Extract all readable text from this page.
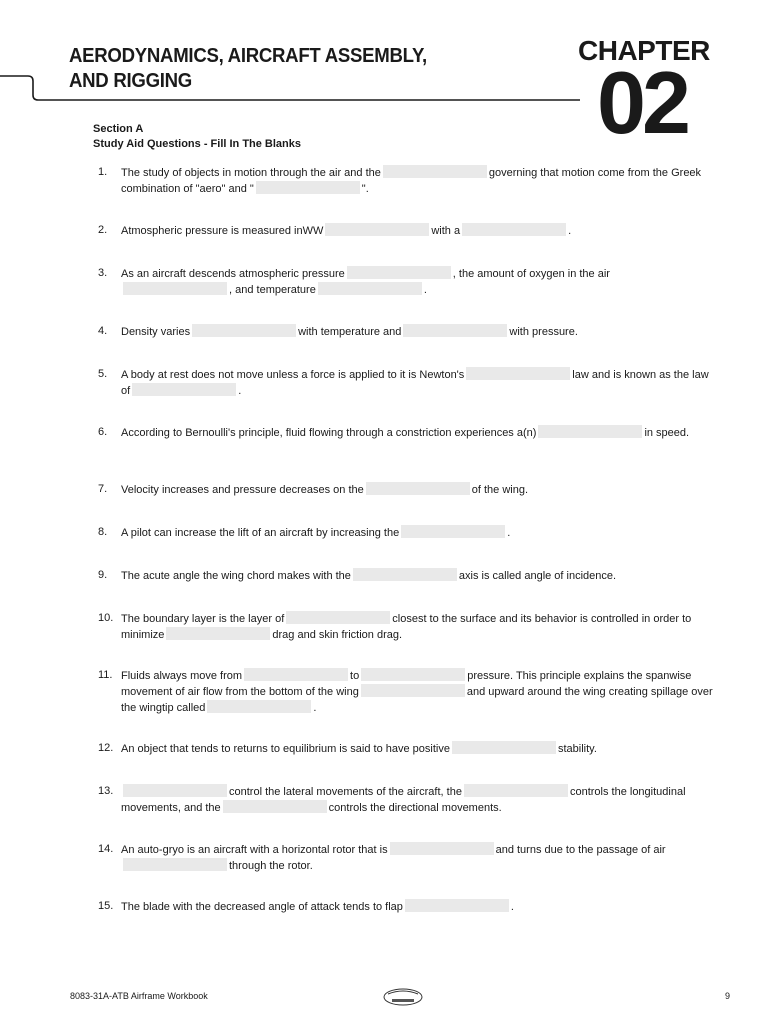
AERODYNAMICS, AIRCRAFT ASSEMBLY,
AND RIGGING
CHAPTER
02
Section A
Study Aid Questions - Fill In The Blanks
1. The study of objects in motion through the air and the	governing that motion come from the Greek combination of "aero" and "	".
2. Atmospheric pressure is measured inWW	with a	.
3. As an aircraft descends atmospheric pressure	, the amount of oxygen in the air, and temperature	.
4. Density varies	with temperature and	with pressure.
5. A body at rest does not move unless a force is applied to it is Newton's	law and is known as the law of	.
6. According to Bernoulli's principle, fluid flowing through a constriction experiences a(n)	in speed.
7. Velocity increases and pressure decreases on the	of the wing.
8. A pilot can increase the lift of an aircraft by increasing the	.
9. The acute angle the wing chord makes with the	axis is called angle of incidence.
10. The boundary layer is the layer of	closest to the surface and its behavior is controlled in order to minimize	drag and skin friction drag.
11. Fluids always move from	to	pressure. This principle explains the spanwise movement of air flow from the bottom of the wing	and upward around the wing creating spillage over the wingtip called	.
12. An object that tends to returns to equilibrium is said to have positive	stability.
13.	control the lateral movements of the aircraft, the	controls the longitudinal movements, and the	controls the directional movements.
14. An auto-gryo is an aircraft with a horizontal rotor that is	and turns due to the passage of airthrough the rotor.
15. The blade with the decreased angle of attack tends to flap	.
8083-31A-ATB Airframe Workbook	9
